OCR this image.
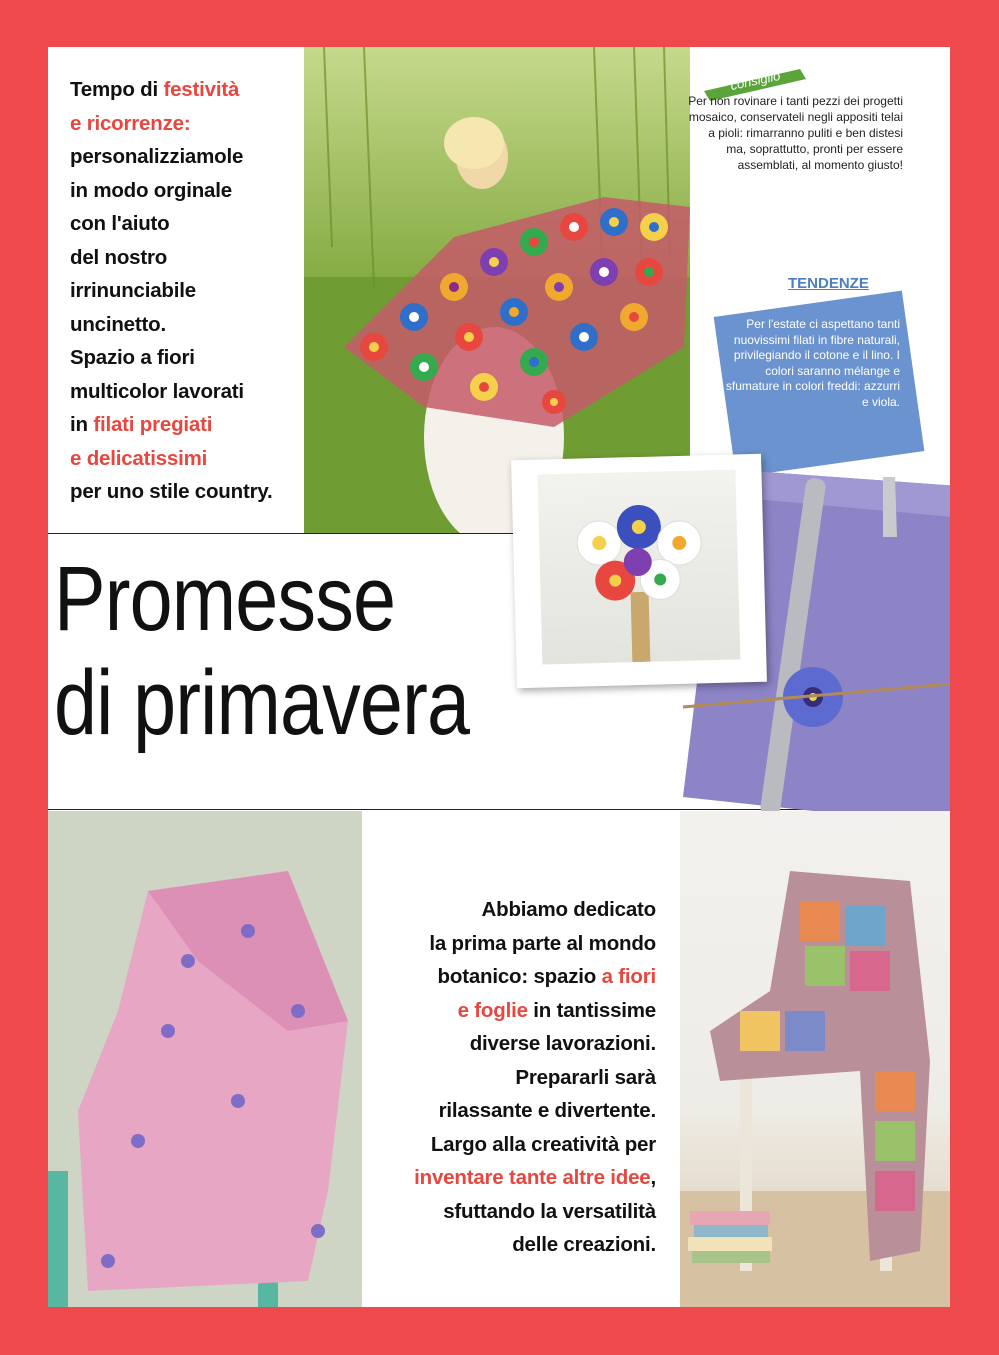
Tempo di festività
e ricorrenze:
personalizziamole
in modo orginale
con l'aiuto
del nostro
irrinunciabile
uncinetto.
Spazio a fiori
multicolor lavorati
in filati pregiati
e delicatissimi
per uno stile country.
consiglio
Per non rovinare i tanti pezzi dei progetti mosaico, conservateli negli appositi telai a pioli: rimarranno puliti e ben distesi ma, soprattutto, pronti per essere assemblati, al momento giusto!
TENDENZE
Per l'estate ci aspettano tanti nuovissimi filati in fibre naturali, privilegiando il cotone e il lino. I colori saranno mélange e sfumature in colori freddi: azzurri e viola.
Promesse
di primavera
Abbiamo dedicato
la prima parte al mondo
botanico: spazio a fiori
e foglie in tantissime
diverse lavorazioni.
Prepararli sarà
rilassante e divertente.
Largo alla creatività per
inventare tante altre idee,
sfuttando la versatilità
delle creazioni.
